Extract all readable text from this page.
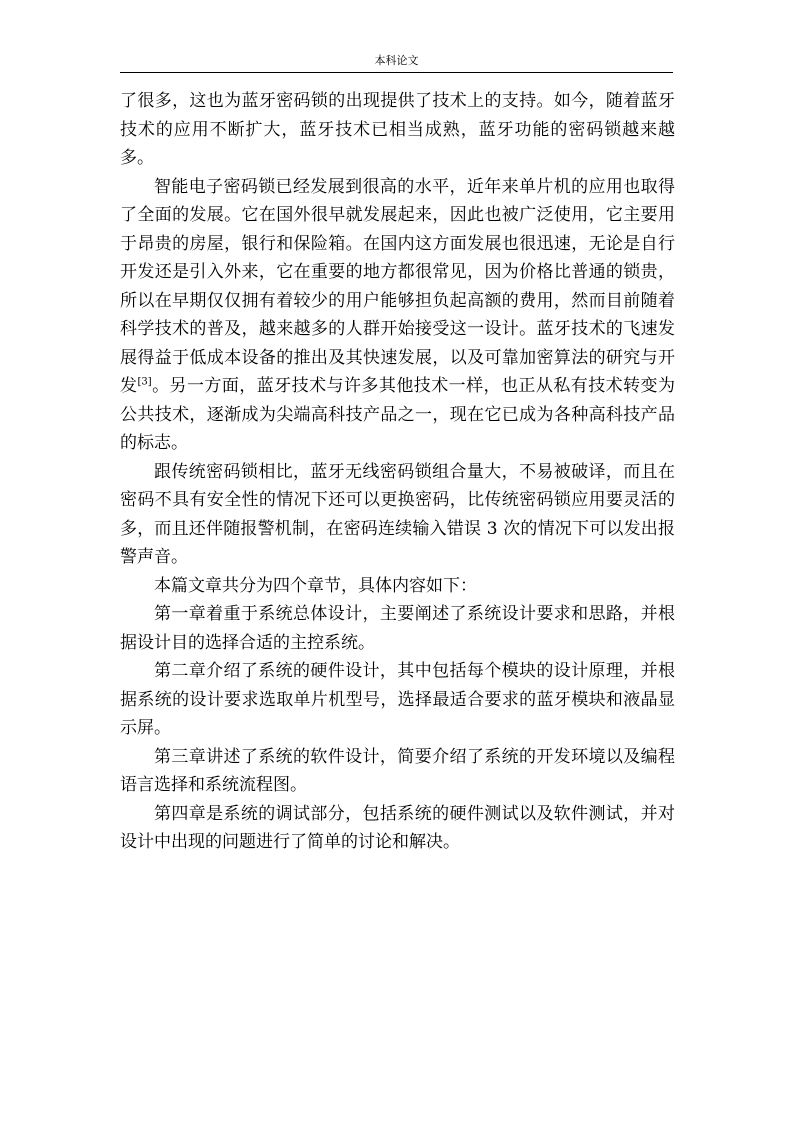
本科论文

了很多，这也为蓝牙密码锁的出现提供了技术上的支持。如今，随着蓝牙技术的应用不断扩大，蓝牙技术已相当成熟，蓝牙功能的密码锁越来越多。

智能电子密码锁已经发展到很高的水平，近年来单片机的应用也取得了全面的发展。它在国外很早就发展起来，因此也被广泛使用，它主要用于昂贵的房屋，银行和保险箱。在国内这方面发展也很迅速，无论是自行开发还是引入外来，它在重要的地方都很常见，因为价格比普通的锁贵，所以在早期仅仅拥有着较少的用户能够担负起高额的费用，然而目前随着科学技术的普及，越来越多的人群开始接受这一设计。蓝牙技术的飞速发展得益于低成本设备的推出及其快速发展，以及可靠加密算法的研究与开发[3]。另一方面，蓝牙技术与许多其他技术一样，也正从私有技术转变为公共技术，逐渐成为尖端高科技产品之一，现在它已成为各种高科技产品的标志。

跟传统密码锁相比，蓝牙无线密码锁组合量大，不易被破译，而且在密码不具有安全性的情况下还可以更换密码，比传统密码锁应用要灵活的多，而且还伴随报警机制，在密码连续输入错误 3 次的情况下可以发出报警声音。

本篇文章共分为四个章节，具体内容如下：

第一章着重于系统总体设计，主要阐述了系统设计要求和思路，并根据设计目的选择合适的主控系统。

第二章介绍了系统的硬件设计，其中包括每个模块的设计原理，并根据系统的设计要求选取单片机型号，选择最适合要求的蓝牙模块和液晶显示屏。

第三章讲述了系统的软件设计，简要介绍了系统的开发环境以及编程语言选择和系统流程图。

第四章是系统的调试部分，包括系统的硬件测试以及软件测试，并对设计中出现的问题进行了简单的讨论和解决。
